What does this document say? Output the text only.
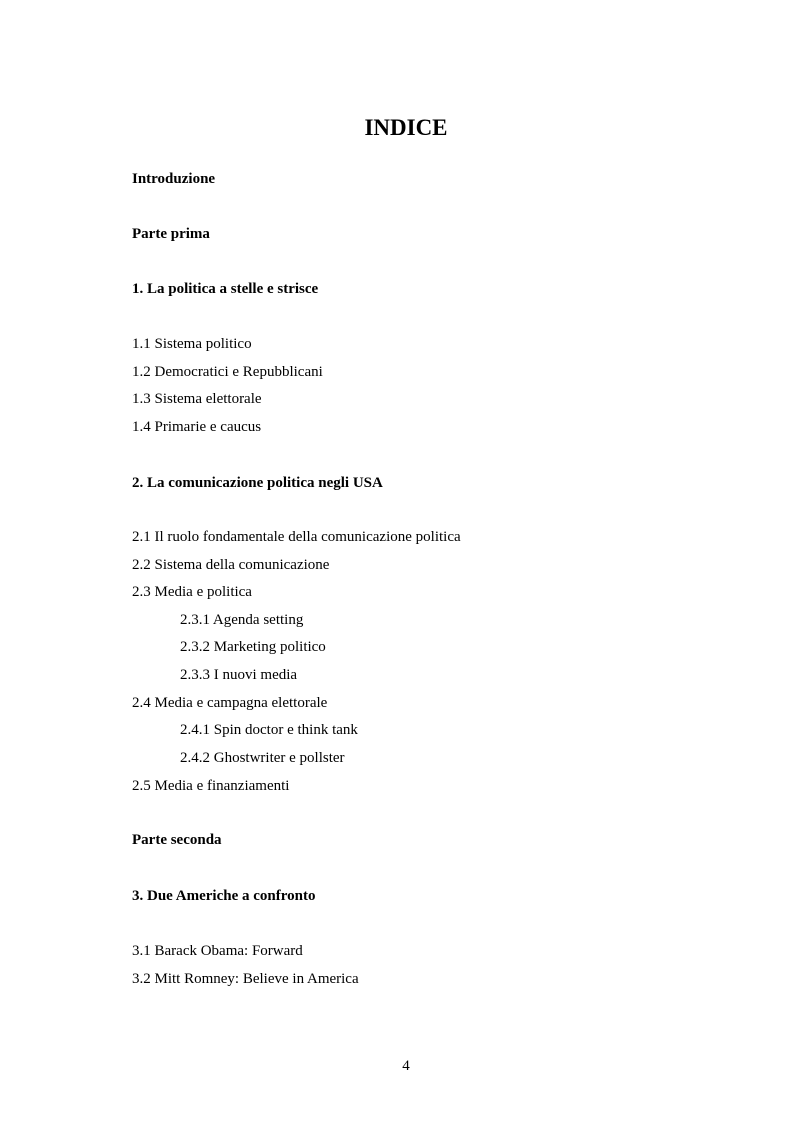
INDICE
Introduzione
Parte prima
1. La politica a stelle e strisce
1.1 Sistema politico
1.2 Democratici e Repubblicani
1.3 Sistema elettorale
1.4 Primarie e caucus
2. La comunicazione politica negli USA
2.1 Il ruolo fondamentale della comunicazione politica
2.2 Sistema della comunicazione
2.3 Media e politica
2.3.1 Agenda setting
2.3.2 Marketing politico
2.3.3 I nuovi media
2.4 Media e campagna elettorale
2.4.1 Spin doctor e think tank
2.4.2 Ghostwriter e pollster
2.5 Media e finanziamenti
Parte seconda
3. Due Americhe a confronto
3.1 Barack Obama: Forward
3.2 Mitt Romney: Believe in America
4
